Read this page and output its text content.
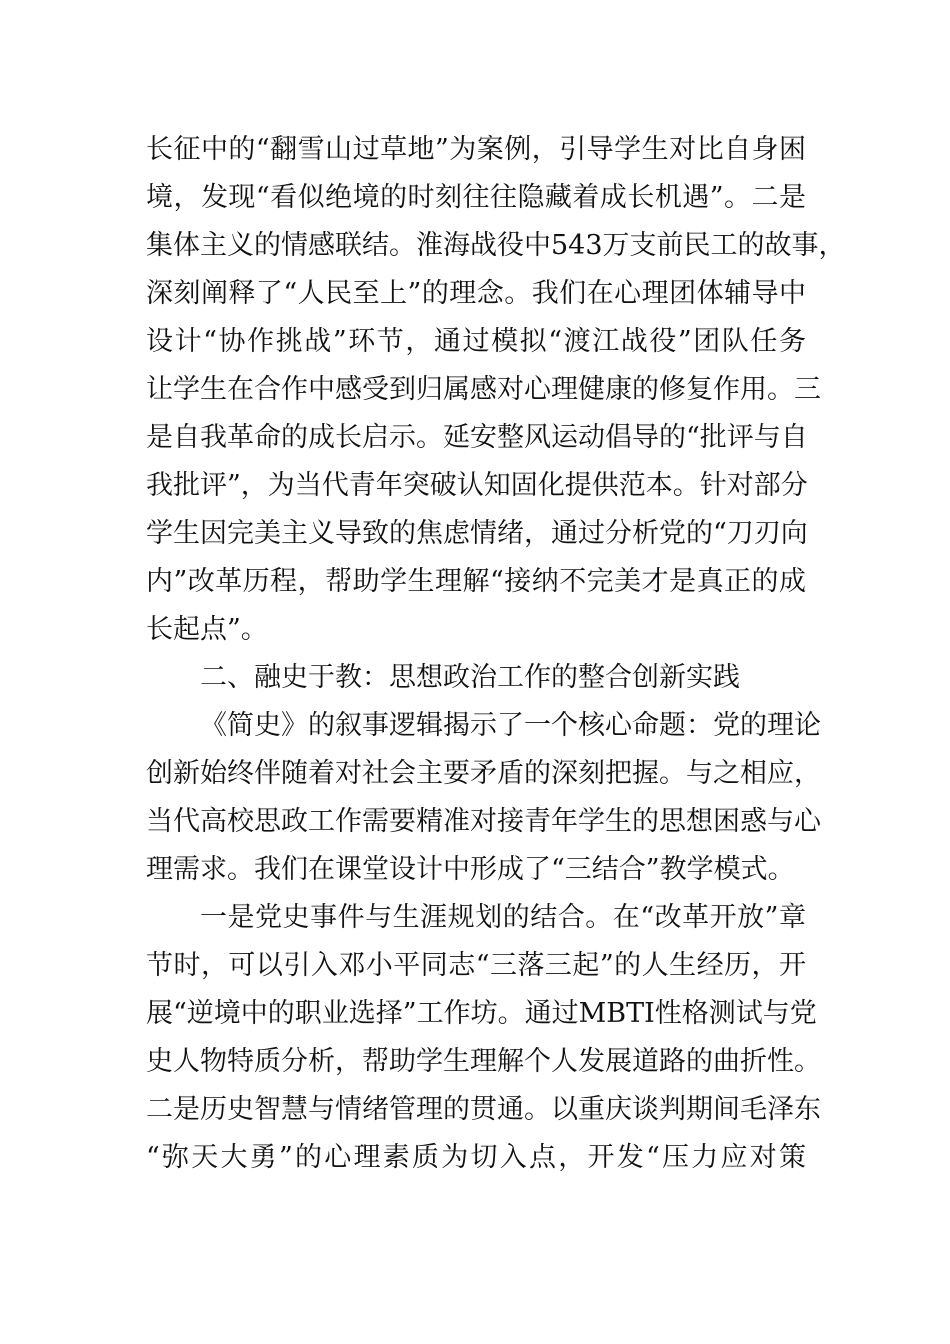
长征中的“翻雪山过草地”为案例，引导学生对比自身困
境，发现“看似绝境的时刻往往隐藏着成长机遇”。二是
集体主义的情感联结。淮海战役中543万支前民工的故事，
深刻阐释了“人民至上”的理念。我们在心理团体辅导中
设计“协作挑战”环节，通过模拟“渡江战役”团队任务
让学生在合作中感受到归属感对心理健康的修复作用。三
是自我革命的成长启示。延安整风运动倡导的“批评与自
我批评”，为当代青年突破认知固化提供范本。针对部分
学生因完美主义导致的焦虑情绪，通过分析党的“刀刃向
内”改革历程，帮助学生理解“接纳不完美才是真正的成
长起点”。
二、融史于教：思想政治工作的整合创新实践
《简史》的叙事逻辑揭示了一个核心命题：党的理论
创新始终伴随着对社会主要矛盾的深刻把握。与之相应，
当代高校思政工作需要精准对接青年学生的思想困惑与心
理需求。我们在课堂设计中形成了“三结合”教学模式。
一是党史事件与生涯规划的结合。在“改革开放”章
节时，可以引入邓小平同志“三落三起”的人生经历，开
展“逆境中的职业选择”工作坊。通过MBTI性格测试与党
史人物特质分析，帮助学生理解个人发展道路的曲折性。
二是历史智慧与情绪管理的贯通。以重庆谈判期间毛泽东
“弥天大勇”的心理素质为切入点，开发“压力应对策
